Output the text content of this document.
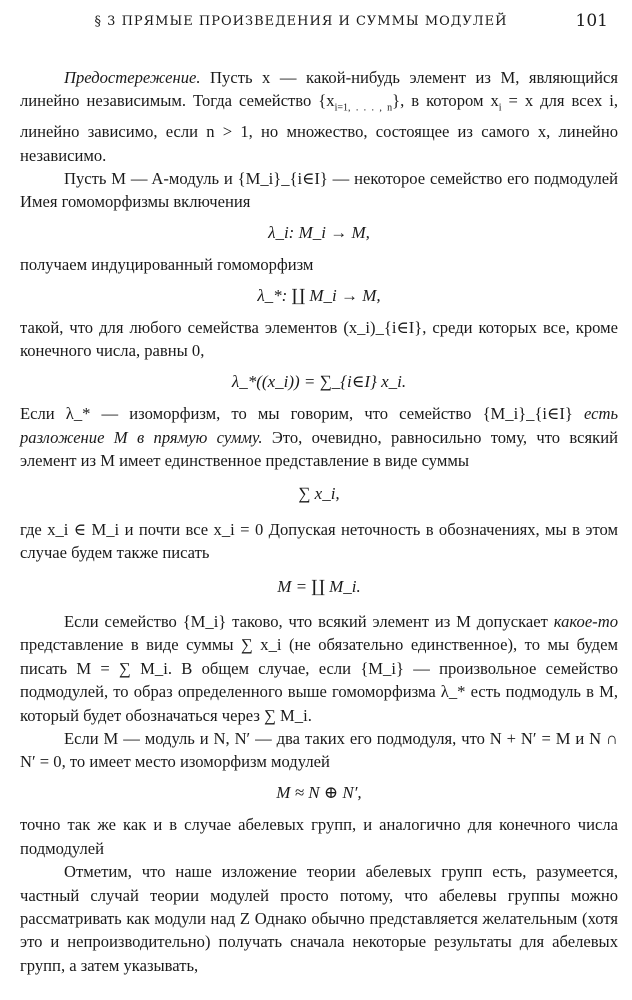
§ 3 ПРЯМЫЕ ПРОИЗВЕДЕНИЯ И СУММЫ МОДУЛЕЙ	101

Предостережение. Пусть x — какой-нибудь элемент из M, являющийся линейно независимым. Тогда семейство $\{x_{i=1, . . . , n}\}$, в котором $x_i = x$ для всех i, линейно зависимо, если n > 1, но множество, состоящее из самого x, линейно независимо.

Пусть M — A-модуль и {M_i}_{i∈I} — некоторое семейство его подмодулей Имея гомоморфизмы включения

λ_i: M_i → M,

получаем индуцированный гомоморфизм

λ_*: ∐ M_i → M,

такой, что для любого семейства элементов (x_i)_{i∈I}, среди которых все, кроме конечного числа, равны 0,

λ_*((x_i)) = ∑_{i∈I} x_i.

Если λ_* — изоморфизм, то мы говорим, что семейство {M_i}_{i∈I} есть разложение M в прямую сумму. Это, очевидно, равносильно тому, что всякий элемент из M имеет единственное представление в виде суммы

∑ x_i,

где x_i ∈ M_i и почти все x_i = 0 Допуская неточность в обозначениях, мы в этом случае будем также писать

M = ∐ M_i.

Если семейство {M_i} таково, что всякий элемент из M допускает какое-то представление в виде суммы ∑ x_i (не обязательно единственное), то мы будем писать M = ∑ M_i. В общем случае, если {M_i} — произвольное семейство подмодулей, то образ определенного выше гомоморфизма λ_* есть подмодуль в M, который будет обозначаться через ∑ M_i.

Если M — модуль и N, N′ — два таких его подмодуля, что N + N′ = M и N ∩ N′ = 0, то имеет место изоморфизм модулей

M ≈ N ⊕ N′,

точно так же как и в случае абелевых групп, и аналогично для конечного числа подмодулей

Отметим, что наше изложение теории абелевых групп есть, разумеется, частный случай теории модулей просто потому, что абелевы группы можно рассматривать как модули над Z Однако обычно представляется желательным (хотя это и непроизводительно) получать сначала некоторые результаты для абелевых групп, а затем указывать,
